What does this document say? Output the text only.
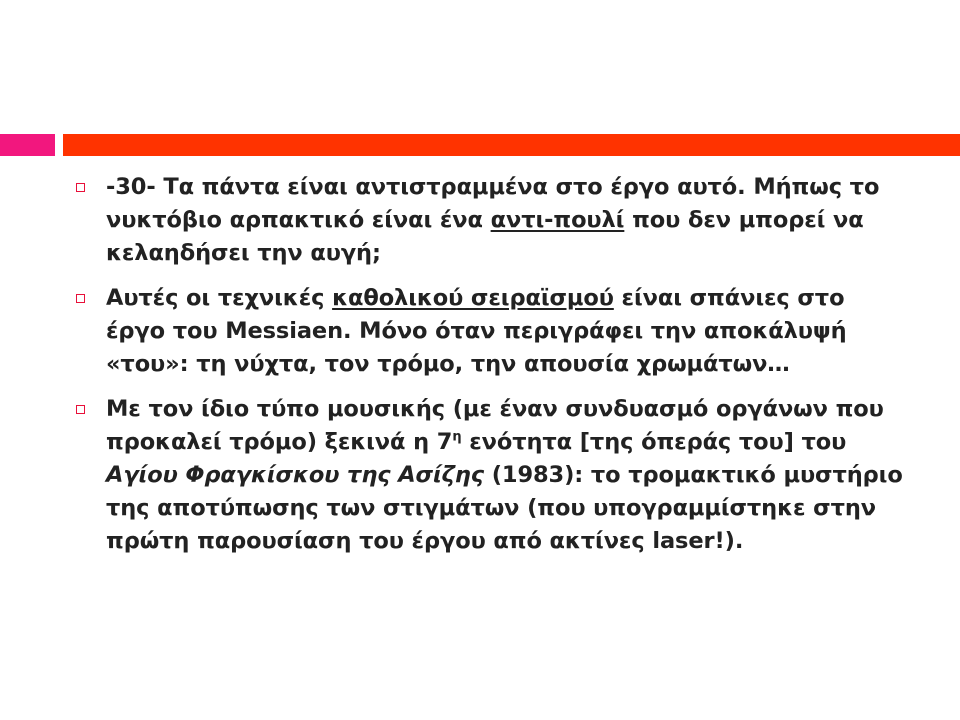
-30- Τα πάντα είναι αντιστραμμένα στο έργο αυτό. Μήπως το νυκτόβιο αρπακτικό είναι ένα αντι-πουλί που δεν μπορεί να κελαηδήσει την αυγή;
Αυτές οι τεχνικές καθολικού σειραϊσμού είναι σπάνιες στο έργο του Messiaen. Μόνο όταν περιγράφει την αποκάλυψή «του»: τη νύχτα, τον τρόμο, την απουσία χρωμάτων…
Με τον ίδιο τύπο μουσικής (με έναν συνδυασμό οργάνων που προκαλεί τρόμο) ξεκινά η $7^\eta$ ενότητα [της όπεράς του] του Αγίου Φραγκίσκου της Ασίζης (1983): το τρομακτικό μυστήριο της αποτύπωσης των στιγμάτων (που υπογραμμίστηκε στην πρώτη παρουσίαση του έργου από ακτίνες laser!).
